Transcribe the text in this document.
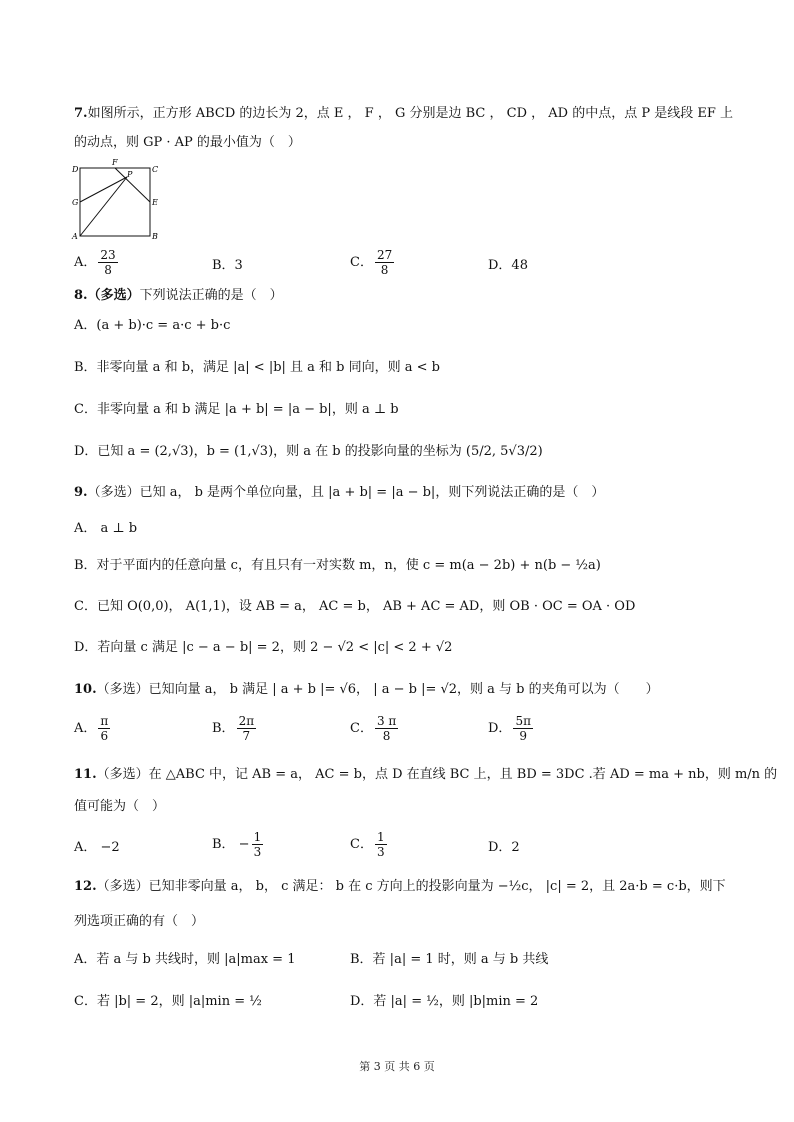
7.如图所示，正方形 ABCD 的边长为 2，点 E ， F ， G 分别是边 BC ， CD ， AD 的中点，点 P 是线段 EF 上
的动点，则 GP · AP 的最小值为（　）
D
F
C
P
G	E
A	B
A． $\frac{23}{8}$	B．3	C． $\frac{27}{8}$	D．48
8.（多选）下列说法正确的是（　）
A．(a + b)·c = a·c + b·c
B．非零向量 a 和 b，满足 |a| < |b| 且 a 和 b 同向，则 a < b
C．非零向量 a 和 b 满足 |a + b| = |a − b|，则 a ⊥ b
D．已知 a = (2,√3)，b = (1,√3)，则 a 在 b 的投影向量的坐标为 (5/2, 5√3/2)
9.（多选）已知 a， b 是两个单位向量，且 |a + b| = |a − b|，则下列说法正确的是（　）
A． a ⊥ b
B．对于平面内的任意向量 c，有且只有一对实数 m，n，使 c = m(a − 2b) + n(b − ½a)
C．已知 O(0,0)， A(1,1)，设 AB = a， AC = b， AB + AC = AD，则 OB · OC = OA · OD
D．若向量 c 满足 |c − a − b| = 2，则 2 − √2 < |c| < 2 + √2
10.（多选）已知向量 a， b 满足 | a + b |= √6， | a − b |= √2，则 a 与 b 的夹角可以为（　　）
A． $\frac{\pi}{6}$	B． $\frac{2\pi}{7}$	C． $\frac{3 \pi}{8}$	D． $\frac{5\pi}{9}$
11.（多选）在 △ABC 中，记 AB = a， AC = b，点 D 在直线 BC 上，且 BD = 3DC .若 AD = ma + nb，则 m/n 的
值可能为（　）
A． −2	B． − $\frac{1}{3}$	C． $\frac{1}{3}$	D．2
12.（多选）已知非零向量 a， b， c 满足： b 在 c 方向上的投影向量为 −½c， |c| = 2，且 2a·b = c·b，则下
列选项正确的有（　）
A．若 a 与 b 共线时，则 |a|max = 1	B．若 |a| = 1 时，则 a 与 b 共线
C．若 |b| = 2，则 |a|min = ½	D．若 |a| = ½，则 |b|min = 2
第 3 页 共 6 页
